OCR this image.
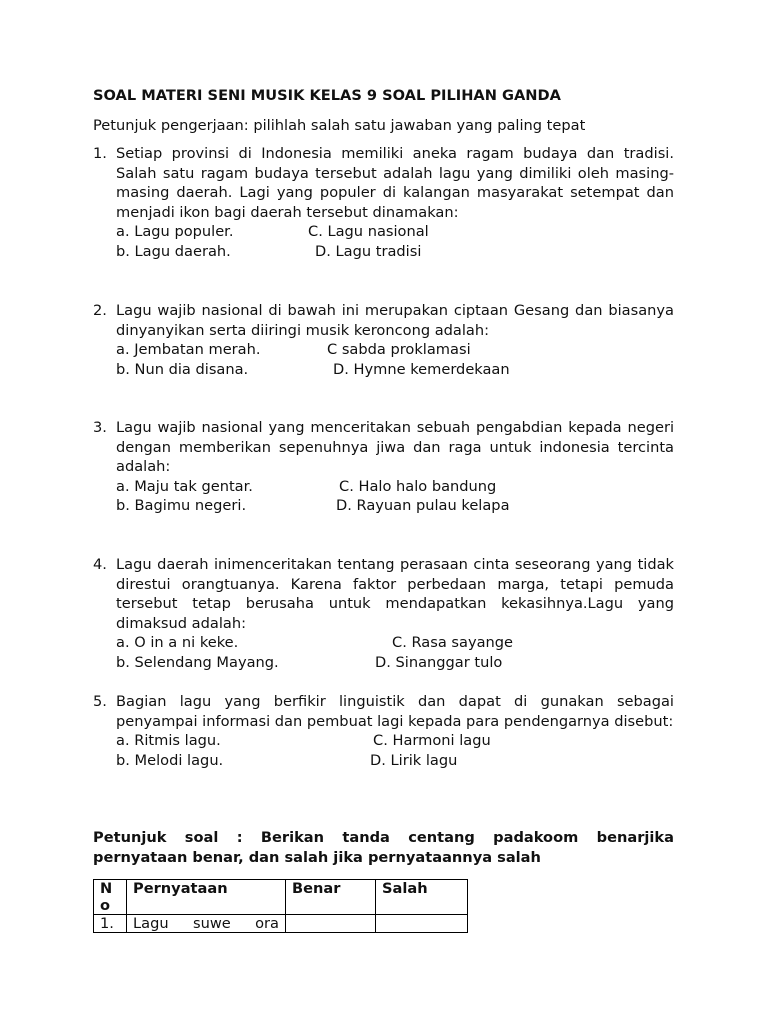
SOAL MATERI SENI MUSIK KELAS 9 SOAL PILIHAN GANDA
Petunjuk pengerjaan: pilihlah salah satu jawaban yang paling tepat
1. Setiap provinsi di Indonesia memiliki aneka ragam budaya dan tradisi. Salah satu ragam budaya tersebut adalah lagu yang dimiliki oleh masing-masing daerah. Lagi yang populer di kalangan masyarakat setempat dan menjadi ikon bagi daerah tersebut dinamakan:
a. Lagu populer.	C. Lagu nasional
b. Lagu daerah.	D. Lagu tradisi
2. Lagu wajib nasional di bawah ini merupakan ciptaan Gesang dan biasanya dinyanyikan serta diiringi musik keroncong adalah:
a. Jembatan merah.	C sabda proklamasi
b. Nun dia disana.	D. Hymne kemerdekaan
3. Lagu wajib nasional yang menceritakan sebuah pengabdian kepada negeri dengan memberikan sepenuhnya jiwa dan raga untuk indonesia tercinta adalah:
a. Maju tak gentar.	C. Halo halo bandung
b. Bagimu negeri.	D. Rayuan pulau kelapa
4. Lagu daerah inimenceritakan tentang perasaan cinta seseorang yang tidak direstui orangtuanya. Karena faktor perbedaan marga, tetapi pemuda tersebut tetap berusaha untuk mendapatkan kekasihnya.Lagu yang dimaksud adalah:
a. O in a ni keke.	C. Rasa sayange
b. Selendang Mayang.	D. Sinanggar tulo
5. Bagian lagu yang berfikir linguistik dan dapat di gunakan sebagai penyampai informasi dan pembuat lagi kepada para pendengarnya disebut:
a. Ritmis lagu.	C. Harmoni lagu
b. Melodi lagu.	D. Lirik lagu
Petunjuk soal : Berikan tanda centang padakoom benarjika pernyataan benar, dan salah jika pernyataannya salah
No	Pernyataan	Benar	Salah
1.	Lagu suwe ora		
